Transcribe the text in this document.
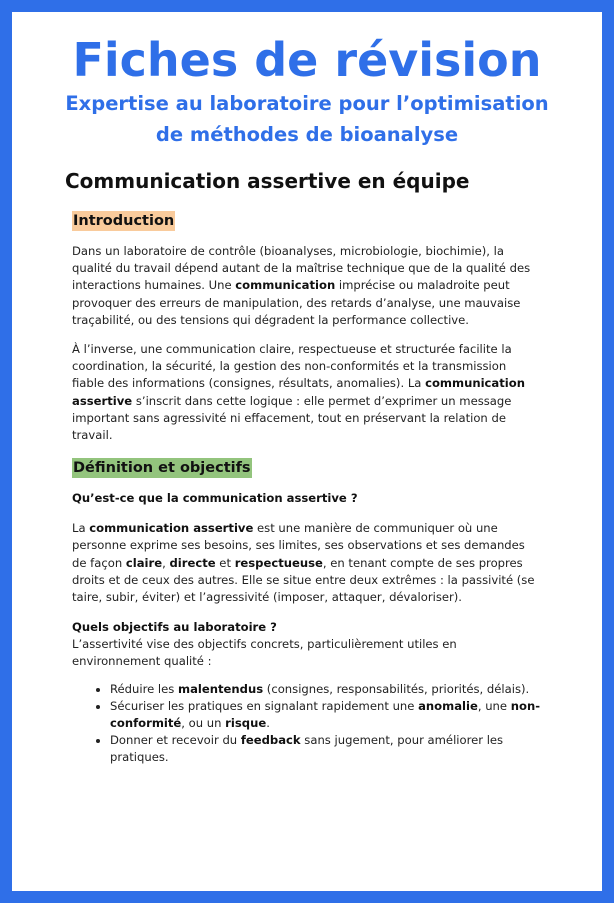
Fiches de révision
Expertise au laboratoire pour l’optimisation
de méthodes de bioanalyse
Communication assertive en équipe
Introduction

Dans un laboratoire de contrôle (bioanalyses, microbiologie, biochimie), la qualité du travail dépend autant de la maîtrise technique que de la qualité des interactions humaines. Une communication imprécise ou maladroite peut provoquer des erreurs de manipulation, des retards d’analyse, une mauvaise traçabilité, ou des tensions qui dégradent la performance collective.

À l’inverse, une communication claire, respectueuse et structurée facilite la coordination, la sécurité, la gestion des non-conformités et la transmission fiable des informations (consignes, résultats, anomalies). La communication assertive s’inscrit dans cette logique : elle permet d’exprimer un message important sans agressivité ni effacement, tout en préservant la relation de travail.

Définition et objectifs
Qu’est-ce que la communication assertive ?

La communication assertive est une manière de communiquer où une personne exprime ses besoins, ses limites, ses observations et ses demandes de façon claire, directe et respectueuse, en tenant compte de ses propres droits et de ceux des autres. Elle se situe entre deux extrêmes : la passivité (se taire, subir, éviter) et l’agressivité (imposer, attaquer, dévaloriser).

Quels objectifs au laboratoire ?

L’assertivité vise des objectifs concrets, particulièrement utiles en environnement qualité :

• Réduire les malentendus (consignes, responsabilités, priorités, délais).
• Sécuriser les pratiques en signalant rapidement une anomalie, une non-conformité, ou un risque.
• Donner et recevoir du feedback sans jugement, pour améliorer les pratiques.
